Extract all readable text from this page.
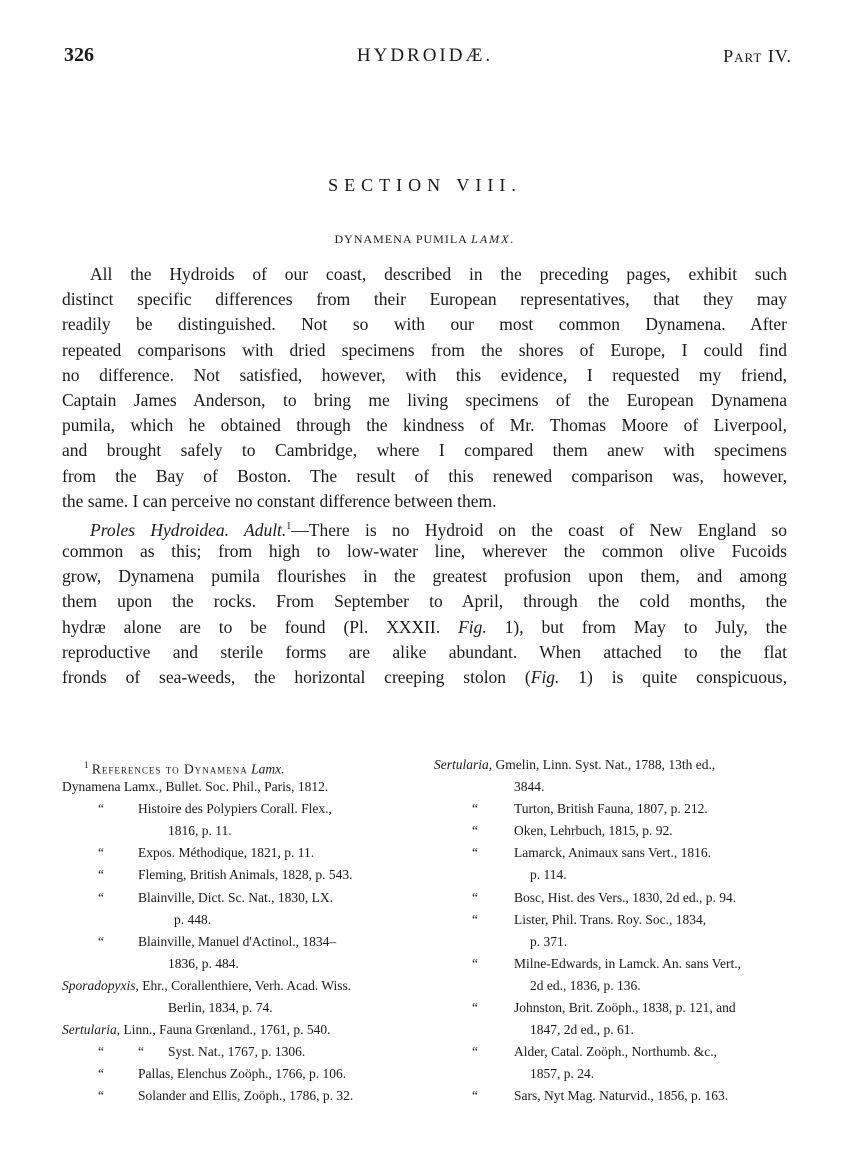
326	HYDROIDÆ.	Part IV.
SECTION VIII.
DYNAMENA PUMILA LAMX.
All the Hydroids of our coast, described in the preceding pages, exhibit such
distinct specific differences from their European representatives, that they may
readily be distinguished. Not so with our most common Dynamena. After
repeated comparisons with dried specimens from the shores of Europe, I could find
no difference. Not satisfied, however, with this evidence, I requested my friend,
Captain James Anderson, to bring me living specimens of the European Dynamena
pumila, which he obtained through the kindness of Mr. Thomas Moore of Liverpool,
and brought safely to Cambridge, where I compared them anew with specimens
from the Bay of Boston. The result of this renewed comparison was, however,
the same. I can perceive no constant difference between them.
Proles Hydroidea. Adult.$^1$—There is no Hydroid on the coast of New England so
common as this; from high to low-water line, wherever the common olive Fucoids
grow, Dynamena pumila flourishes in the greatest profusion upon them, and among
them upon the rocks. From September to April, through the cold months, the
hydræ alone are to be found (Pl. XXXII. Fig. 1), but from May to July, the
reproductive and sterile forms are alike abundant. When attached to the flat
fronds of sea-weeds, the horizontal creeping stolon (Fig. 1) is quite conspicuous,
$^1$ References to Dynamena Lamx.
Dynamena Lamx., Bullet. Soc. Phil., Paris, 1812.
“	Histoire des Polypiers Corall. Flex.,
1816, p. 11.
“	Expos. Méthodique, 1821, p. 11.
“	Fleming, British Animals, 1828, p. 543.
“	Blainville, Dict. Sc. Nat., 1830, LX.
p. 448.
“	Blainville, Manuel d'Actinol., 1834–
1836, p. 484.
Sporadopyxis, Ehr., Corallenthiere, Verh. Acad. Wiss.
Berlin, 1834, p. 74.
Sertularia, Linn., Fauna Grœnland., 1761, p. 540.
“	“ Syst. Nat., 1767, p. 1306.
“	Pallas, Elenchus Zoöph., 1766, p. 106.
“	Solander and Ellis, Zoöph., 1786, p. 32.
Sertularia, Gmelin, Linn. Syst. Nat., 1788, 13th ed.,
3844.
“	Turton, British Fauna, 1807, p. 212.
“	Oken, Lehrbuch, 1815, p. 92.
“	Lamarck, Animaux sans Vert., 1816.
p. 114.
“	Bosc, Hist. des Vers., 1830, 2d ed., p. 94.
“	Lister, Phil. Trans. Roy. Soc., 1834,
p. 371.
“	Milne-Edwards, in Lamck. An. sans Vert.,
2d ed., 1836, p. 136.
“	Johnston, Brit. Zoöph., 1838, p. 121, and
1847, 2d ed., p. 61.
“	Alder, Catal. Zoöph., Northumb. &c.,
1857, p. 24.
“	Sars, Nyt Mag. Naturvid., 1856, p. 163.
